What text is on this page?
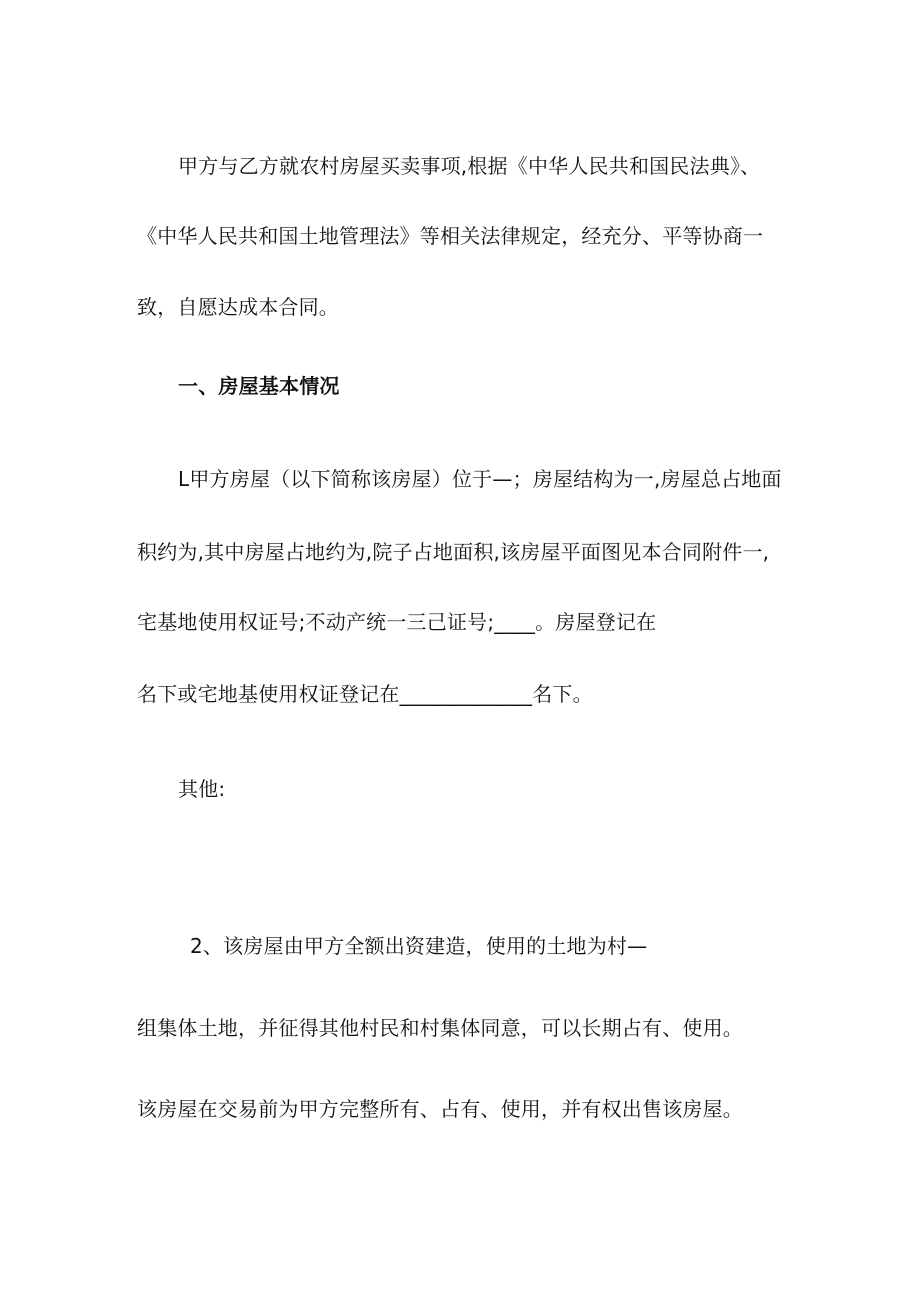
甲方与乙方就农村房屋买卖事项,根据《中华人民共和国民法典》、
《中华人民共和国土地管理法》等相关法律规定，经充分、平等协商一
致，自愿达成本合同。
一、房屋基本情况
L甲方房屋（以下简称该房屋）位于—；房屋结构为一,房屋总占地面
积约为,其中房屋占地约为,院子占地面积,该房屋平面图见本合同附件一,
宅基地使用权证号;不动产统一三己证号;____。房屋登记在
名下或宅地基使用权证登记在_____________名下。
其他:
2、该房屋由甲方全额出资建造，使用的土地为村—
组集体土地，并征得其他村民和村集体同意，可以长期占有、使用。
该房屋在交易前为甲方完整所有、占有、使用，并有权出售该房屋。
